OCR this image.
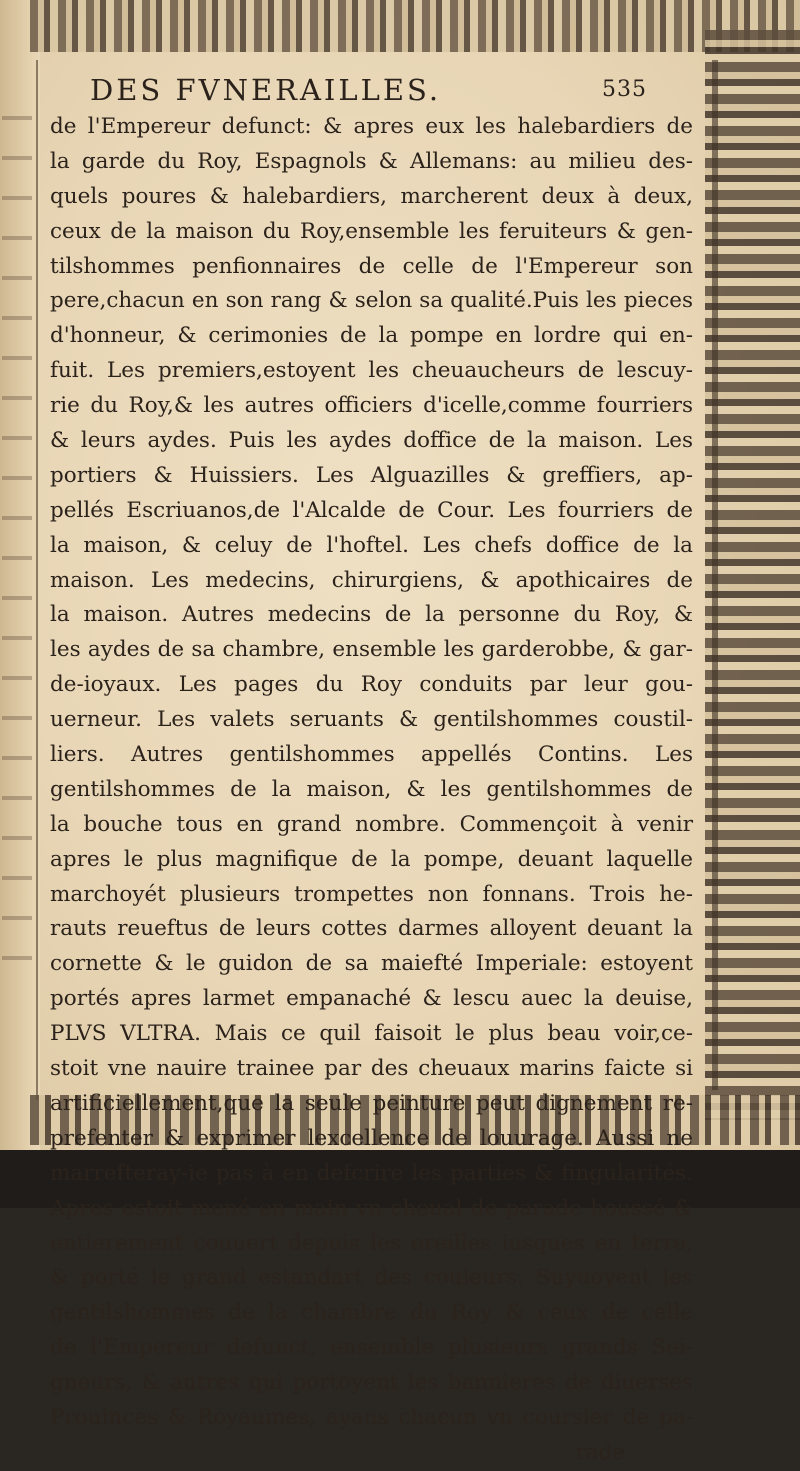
DES FVNERAILLES.	535
de l'Empereur defunct: & apres eux les halebardiers de
la garde du Roy, Espagnols & Allemans: au milieu des-
quels poures & halebardiers, marcherent deux à deux,
ceux de la maison du Roy,ensemble les feruiteurs & gen-
tilshommes penfionnaires de celle de l'Empereur son
pere,chacun en son rang & selon sa qualité.Puis les pieces
d'honneur, & cerimonies de la pompe en lordre qui en-
fuit. Les premiers,estoyent les cheuaucheurs de lescuy-
rie du Roy,& les autres officiers d'icelle,comme fourriers
& leurs aydes. Puis les aydes doffice de la maison. Les
portiers & Huissiers. Les Alguazilles & greffiers, ap-
pellés Escriuanos,de l'Alcalde de Cour. Les fourriers de
la maison, & celuy de l'hoftel. Les chefs doffice de la
maison. Les medecins, chirurgiens, & apothicaires de
la maison. Autres medecins de la personne du Roy, &
les aydes de sa chambre, ensemble les garderobbe, & gar-
de-ioyaux. Les pages du Roy conduits par leur gou-
uerneur. Les valets seruants & gentilshommes coustil-
liers. Autres gentilshommes appellés Contins. Les
gentilshommes de la maison, & les gentilshommes de
la bouche tous en grand nombre. Commençoit à venir
apres le plus magnifique de la pompe, deuant laquelle
marchoyét plusieurs trompettes non fonnans. Trois he-
rauts reueftus de leurs cottes darmes alloyent deuant la
cornette & le guidon de sa maiefté Imperiale: estoyent
portés apres larmet empanaché & lescu auec la deuise,
PLVS VLTRA. Mais ce quil faisoit le plus beau voir,ce-
stoit vne nauire trainee par des cheuaux marins faicte si
artificiellement,que la seule peinture peut dignement re-
prefenter & exprimer lexcellence de louurage. Aussi ne
marrefteray-ie pas à en defcrire les parties & fingularités.
Apres estoit mené en main vn cheual de parade houssé &
entierement couuert depuis les oreilles iusques en terre,
& porté le grand estandart des couleurs. Suyuoyent les
gentilshommes de la chambre du Roy & ceux de celle
de l'Empereur defunct, ensemble plusieurs grands Sei-
gneurs, & autres qui portoyent les bannieres de diuerses
Prouinces & Royaumes, ayans chacun vn coursier de pa-
rade
